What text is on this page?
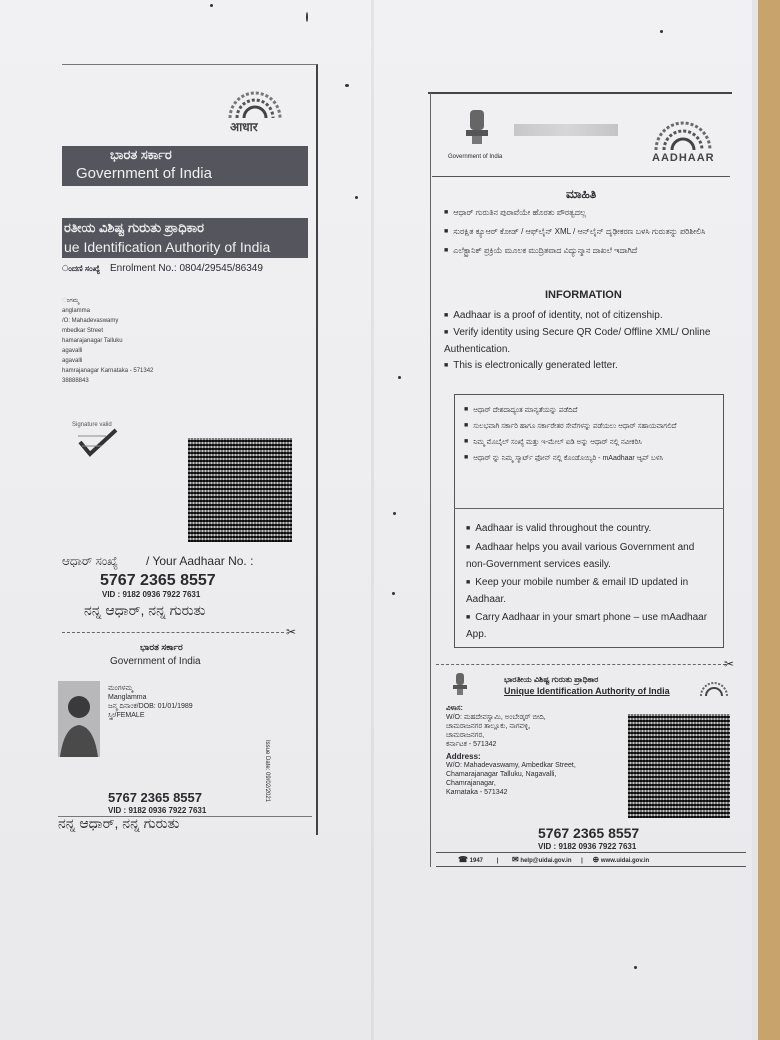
आधार
ಭಾರತ ಸರ್ಕಾರ
Government of India
ರತೀಯ ವಿಶಿಷ್ಟ ಗುರುತು ಪ್ರಾಧಿಕಾರ
ue Identification Authority of India
ಂದಣಿ ಸಂಖ್ಯೆ Enrolment No.: 0804/29545/86349
ಂಗಮ್ಮ
anglamma
/O: Mahadevaswamy
mbedkar Street
hamarajanagar Talluku
agavalli
agavalli
hamrajanagar Karnataka - 571342
38888843
Signature valid
ಆಧಾರ್ ಸಂಖ್ಯೆ / Your Aadhaar No. :
5767 2365 8557
VID : 9182 0936 7922 7631
ನನ್ನ ಆಧಾರ್, ನನ್ನ ಗುರುತು
✂
ಭಾರತ ಸರ್ಕಾರ
Government of India
ಮಂಗಳಮ್ಮ
Manglamma
ಜನ್ಮ ದಿನಾಂಕ/DOB: 01/01/1989
ಸ್ತ್ರೀ/FEMALE
Issue Date: 09/02/2021
5767 2365 8557
VID : 9182 0936 7922 7631
ನನ್ನ ಆಧಾರ್, ನನ್ನ ಗುರುತು
Government of India	AADHAAR
ಮಾಹಿತಿ
■ ಆಧಾರ್ ಗುರುತಿನ ಪುರಾವೆಯೇ ಹೊರತು ಪೌರತ್ವದಲ್ಲ
■ ಸುರಕ್ಷಿತ ಕ್ಯೂಆರ್ ಕೋಡ್ / ಆಫ್‌ಲೈನ್ XML / ಆನ್‌ಲೈನ್ ದೃಢೀಕರಣ ಬಳಸಿ ಗುರುತನ್ನು ಪರಿಶೀಲಿಸಿ
■ ಎಲೆಕ್ಟ್ರಾನಿಕ್ ಪ್ರಕ್ರಿಯೆ ಮೂಲಕ ಮುದ್ರಿತವಾದ ವಿದ್ಯುನ್ಮಾನ ದಾಖಲೆ ಇದಾಗಿದೆ
INFORMATION
■ Aadhaar is a proof of identity, not of citizenship.
■ Verify identity using Secure QR Code/ Offline XML/ Online Authentication.
■ This is electronically generated letter.
■ ಆಧಾರ್ ದೇಶದಾದ್ಯಂತ ಮಾನ್ಯತೆಯನ್ನು ಪಡೆದಿದೆ
■ ಸುಲಭವಾಗಿ ಸರ್ಕಾರಿ ಹಾಗೂ ಸರ್ಕಾರೇತರ ಸೇವೆಗಳನ್ನು ಪಡೆಯಲು ಆಧಾರ್ ಸಹಾಯವಾಗಲಿದೆ
■ ನಿಮ್ಮ ಮೊಬೈಲ್ ಸಂಖ್ಯೆ ಮತ್ತು ಇ-ಮೇಲ್ ಐಡಿ ಅನ್ನು ಆಧಾರ್ ನಲ್ಲಿ ನವೀಕರಿಸಿ
■ ಆಧಾರ್ ನ್ನು ನಿಮ್ಮ ಸ್ಮಾರ್ಟ್ ಫೋನ್ ನಲ್ಲಿ ಕೊಂಡೊಯ್ಯಿರಿ - mAadhaar ಆ್ಯಪ್ ಬಳಸಿ
■ Aadhaar is valid throughout the country.
■ Aadhaar helps you avail various Government and non-Government services easily.
■ Keep your mobile number & email ID updated in Aadhaar.
■ Carry Aadhaar in your smart phone – use mAadhaar App.
✂
ಭಾರತೀಯ ವಿಶಿಷ್ಟ ಗುರುತು ಪ್ರಾಧಿಕಾರ
Unique Identification Authority of India
ವಿಳಾಸ:
W/O: ಮಹದೇವಸ್ವಾಮಿ, ಅಂಬೇಡ್ಕರ್ ಬೀದಿ,
ಚಾಮರಾಜನಗರ ತಾಲ್ಲೂಕು, ನಾಗವಳ್ಳಿ,
ಚಾಮರಾಜನಗರ,
ಕರ್ನಾಟಕ - 571342
Address:
W/O: Mahadevaswamy, Ambedkar Street,
Chamarajanagar Talluku, Nagavalli,
Chamrajanagar,
Karnataka - 571342
5767 2365 8557
VID : 9182 0936 7922 7631
☎ 1947 | ✉ help@uidai.gov.in | ⊕ www.uidai.gov.in
